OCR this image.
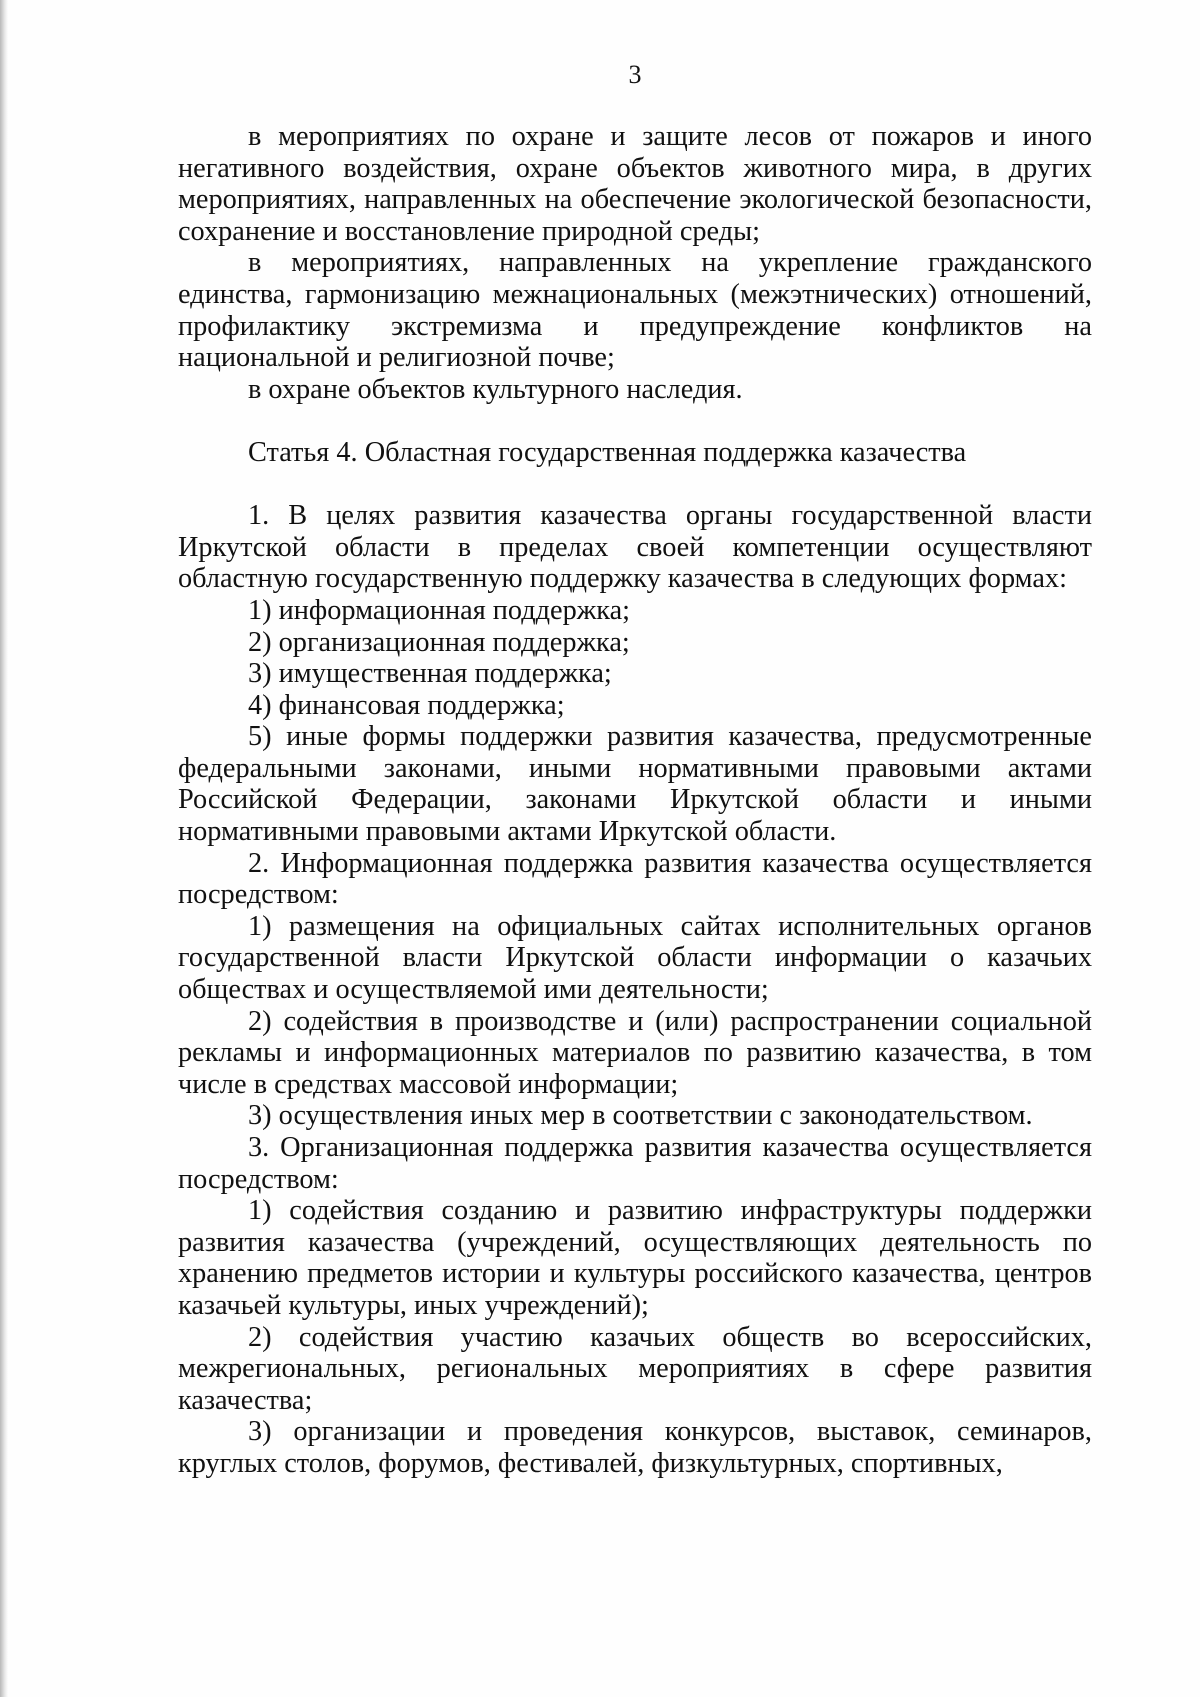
3

в мероприятиях по охране и защите лесов от пожаров и иного негативного воздействия, охране объектов животного мира, в других мероприятиях, направленных на обеспечение экологической безопасности, сохранение и восстановление природной среды;

в мероприятиях, направленных на укрепление гражданского единства, гармонизацию межнациональных (межэтнических) отношений, профилактику экстремизма и предупреждение конфликтов на национальной и религиозной почве;

в охране объектов культурного наследия.

Статья 4. Областная государственная поддержка казачества

1. В целях развития казачества органы государственной власти Иркутской области в пределах своей компетенции осуществляют областную государственную поддержку казачества в следующих формах:

1) информационная поддержка;

2) организационная поддержка;

3) имущественная поддержка;

4) финансовая поддержка;

5) иные формы поддержки развития казачества, предусмотренные федеральными законами, иными нормативными правовыми актами Российской Федерации, законами Иркутской области и иными нормативными правовыми актами Иркутской области.

2. Информационная поддержка развития казачества осуществляется посредством:

1) размещения на официальных сайтах исполнительных органов государственной власти Иркутской области информации о казачьих обществах и осуществляемой ими деятельности;

2) содействия в производстве и (или) распространении социальной рекламы и информационных материалов по развитию казачества, в том числе в средствах массовой информации;

3) осуществления иных мер в соответствии с законодательством.

3. Организационная поддержка развития казачества осуществляется посредством:

1) содействия созданию и развитию инфраструктуры поддержки развития казачества (учреждений, осуществляющих деятельность по хранению предметов истории и культуры российского казачества, центров казачьей культуры, иных учреждений);

2) содействия участию казачьих обществ во всероссийских, межрегиональных, региональных мероприятиях в сфере развития казачества;

3) организации и проведения конкурсов, выставок, семинаров, круглых столов, форумов, фестивалей, физкультурных, спортивных,
